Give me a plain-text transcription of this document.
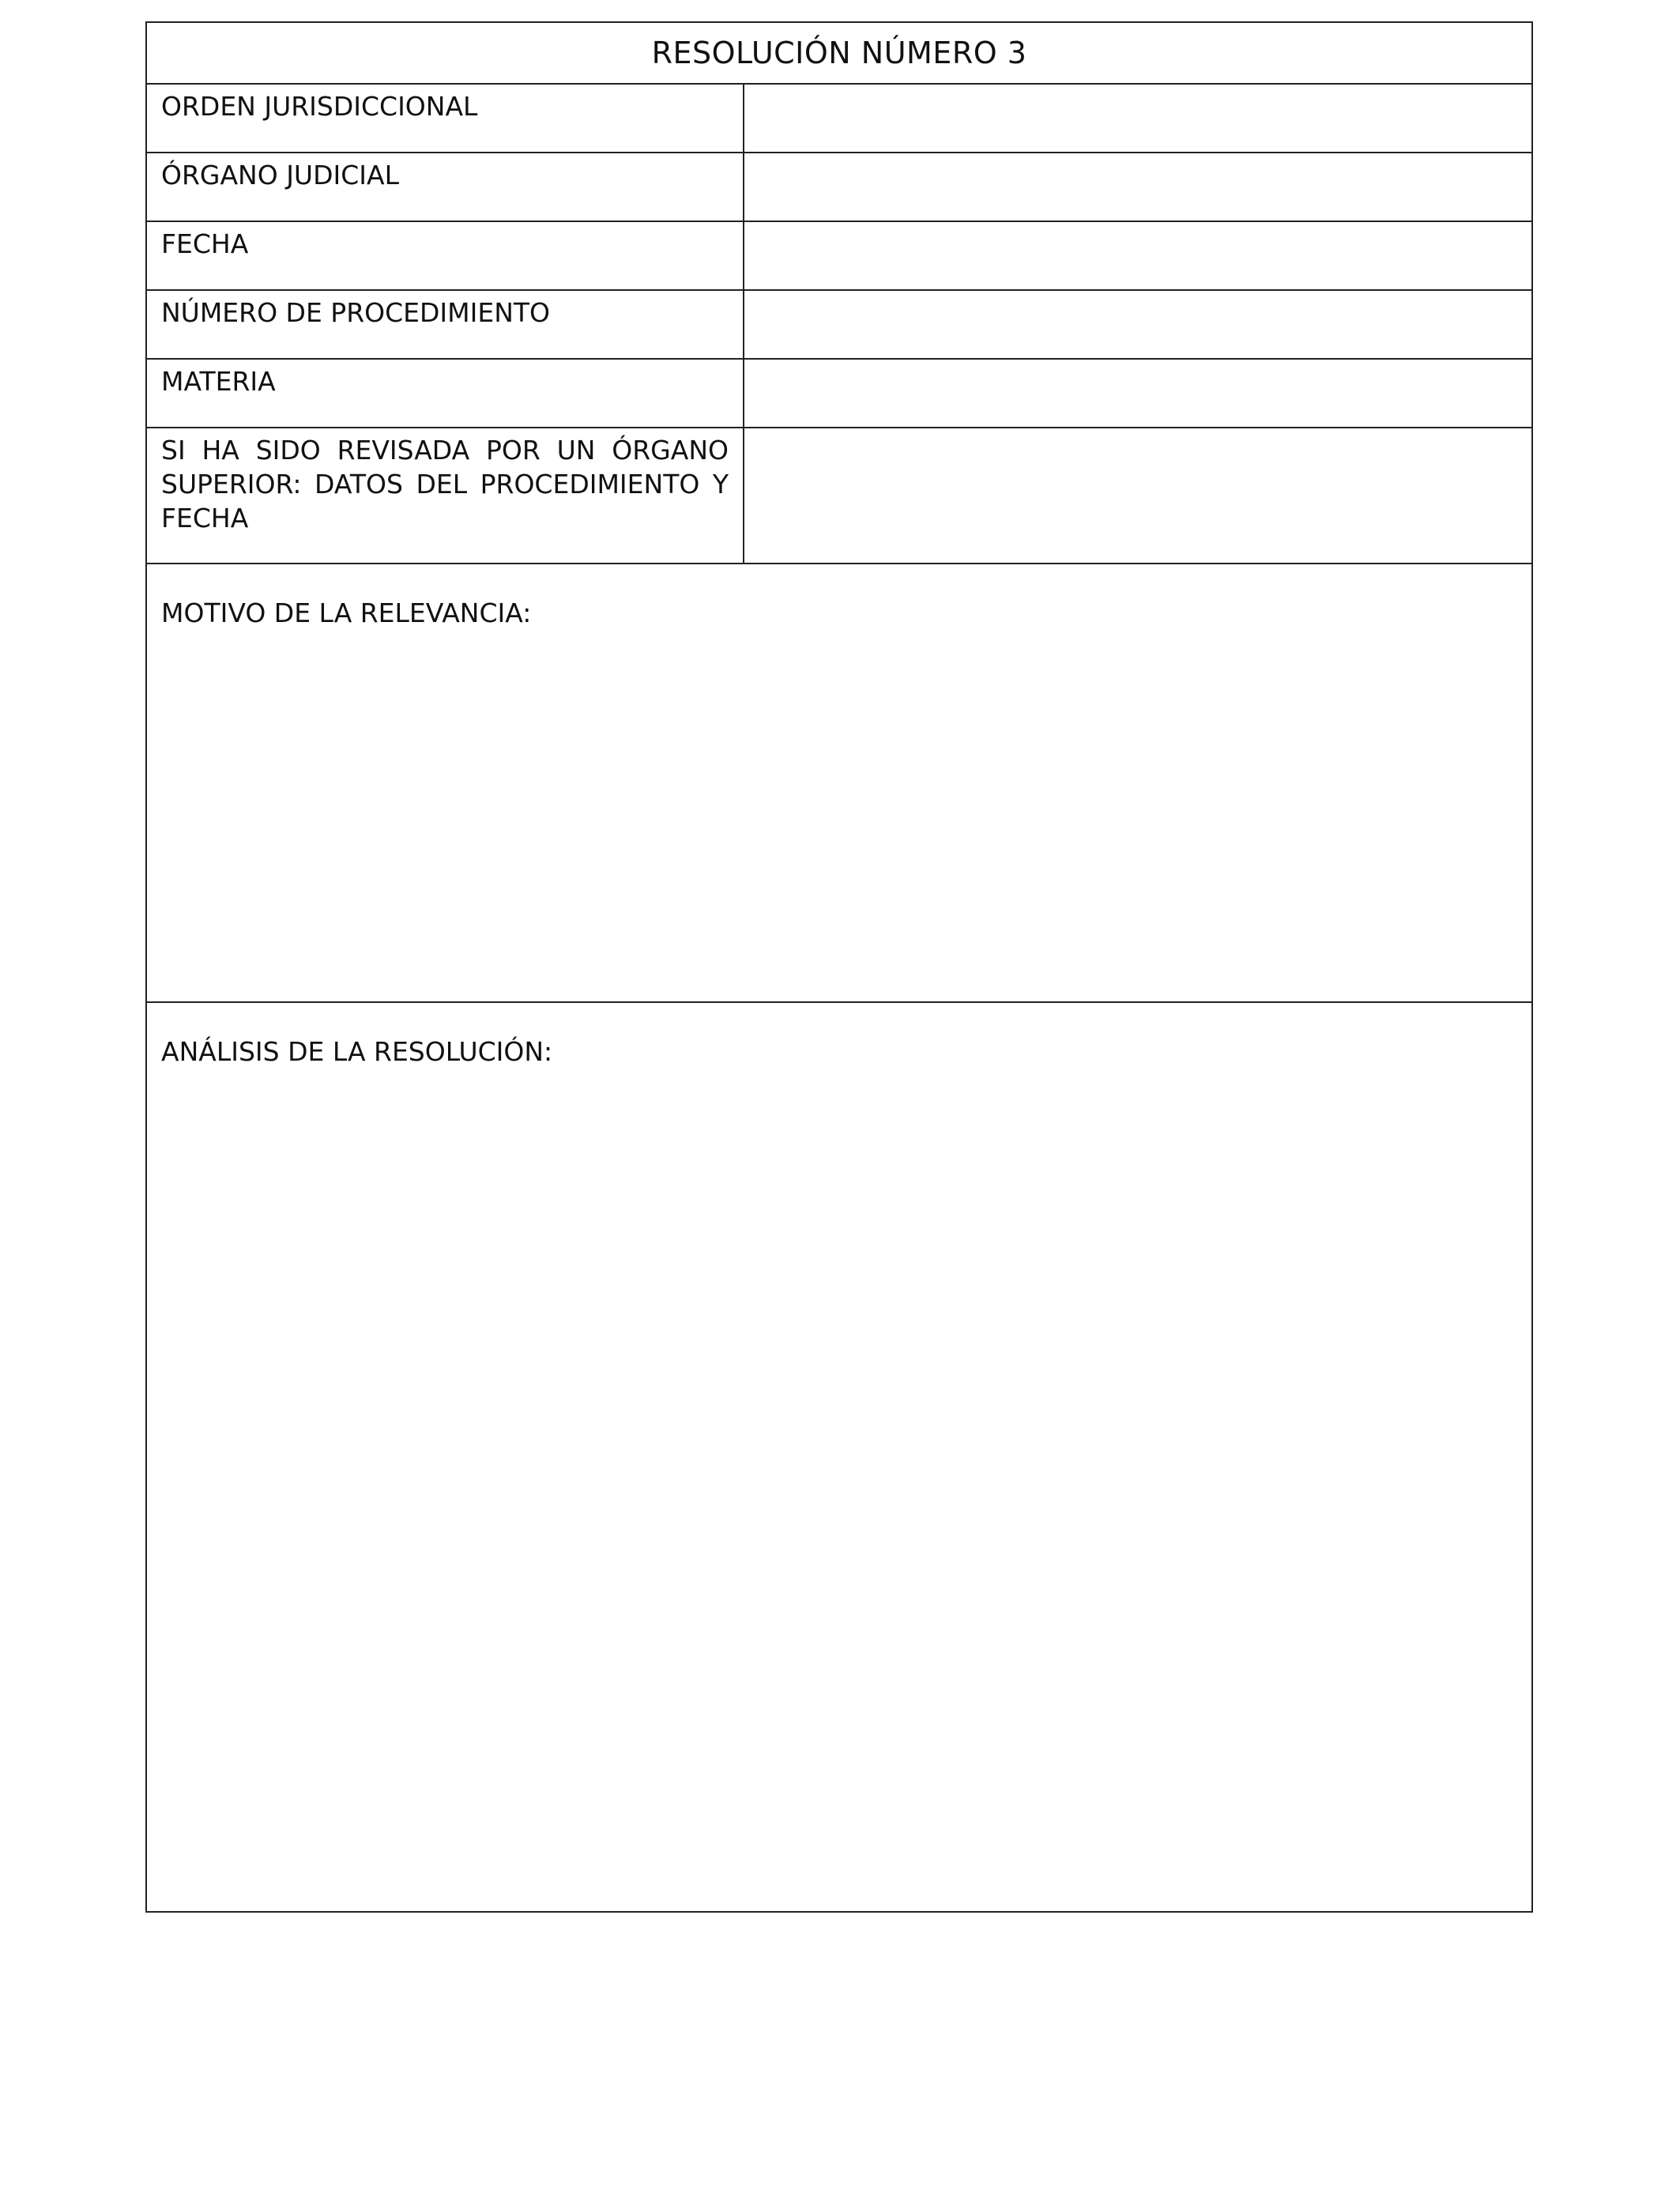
RESOLUCIÓN NÚMERO 3
ORDEN JURISDICCIONAL
ÓRGANO JUDICIAL
FECHA
NÚMERO DE PROCEDIMIENTO
MATERIA
SI HA SIDO REVISADA POR UN ÓRGANO SUPERIOR: DATOS DEL PROCEDIMIENTO Y FECHA
MOTIVO DE LA RELEVANCIA:
ANÁLISIS DE LA RESOLUCIÓN:
